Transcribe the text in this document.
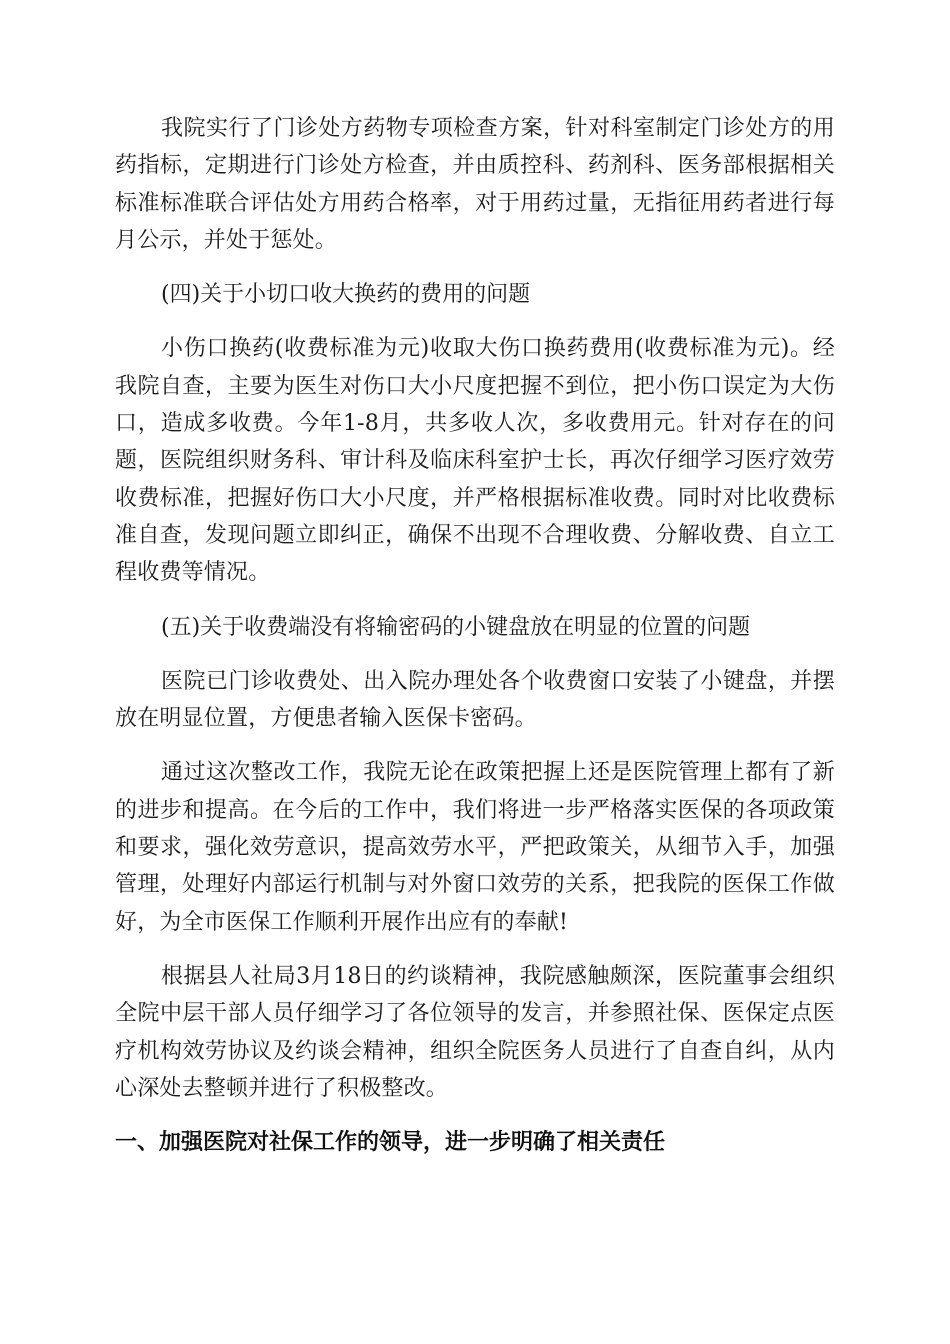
我院实行了门诊处方药物专项检查方案，针对科室制定门诊处方的用药指标，定期进行门诊处方检查，并由质控科、药剂科、医务部根据相关标准标准联合评估处方用药合格率，对于用药过量，无指征用药者进行每月公示，并处于惩处。

(四)关于小切口收大换药的费用的问题

小伤口换药(收费标准为元)收取大伤口换药费用(收费标准为元)。经我院自查，主要为医生对伤口大小尺度把握不到位，把小伤口误定为大伤口，造成多收费。今年1-8月，共多收人次，多收费用元。针对存在的问题，医院组织财务科、审计科及临床科室护士长，再次仔细学习医疗效劳收费标准，把握好伤口大小尺度，并严格根据标准收费。同时对比收费标准自查，发现问题立即纠正，确保不出现不合理收费、分解收费、自立工程收费等情况。

(五)关于收费端没有将输密码的小键盘放在明显的位置的问题

医院已门诊收费处、出入院办理处各个收费窗口安装了小键盘，并摆放在明显位置，方便患者输入医保卡密码。

通过这次整改工作，我院无论在政策把握上还是医院管理上都有了新的进步和提高。在今后的工作中，我们将进一步严格落实医保的各项政策和要求，强化效劳意识，提高效劳水平，严把政策关，从细节入手，加强管理，处理好内部运行机制与对外窗口效劳的关系，把我院的医保工作做好，为全市医保工作顺利开展作出应有的奉献!

根据县人社局3月18日的约谈精神，我院感触颇深，医院董事会组织全院中层干部人员仔细学习了各位领导的发言，并参照社保、医保定点医疗机构效劳协议及约谈会精神，组织全院医务人员进行了自查自纠，从内心深处去整顿并进行了积极整改。

一、加强医院对社保工作的领导，进一步明确了相关责任
